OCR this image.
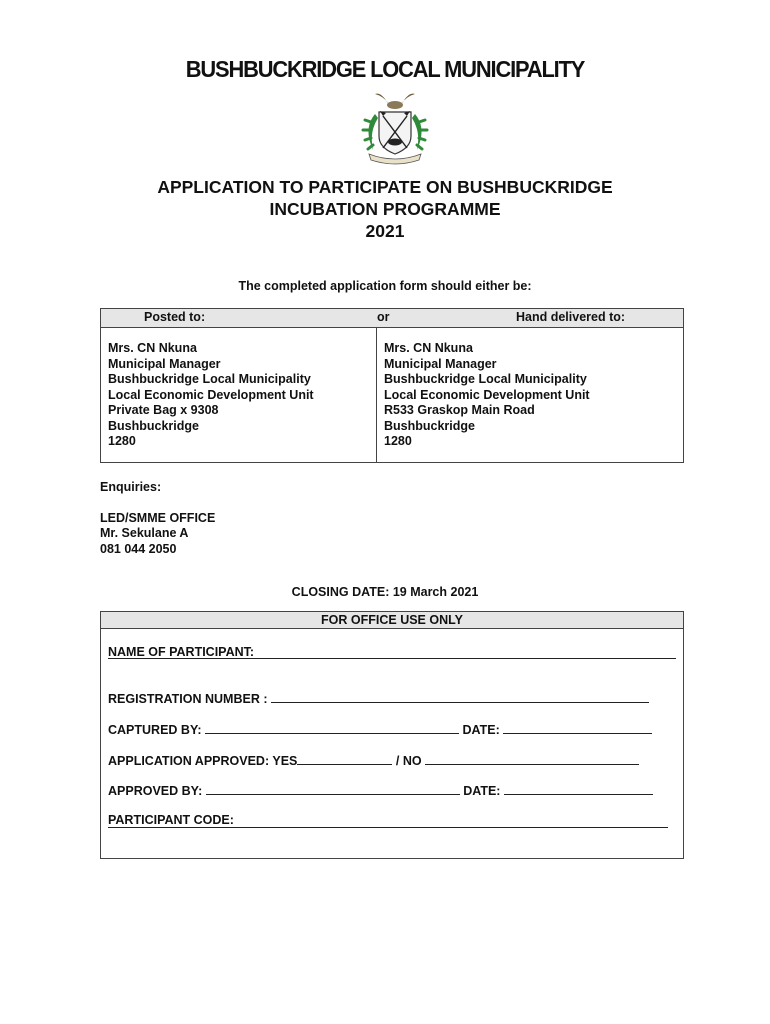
BUSHBUCKRIDGE LOCAL MUNICIPALITY
APPLICATION TO PARTICIPATE ON BUSHBUCKRIDGE
INCUBATION PROGRAMME
2021
The completed application form should either be:
Posted to:	or	Hand delivered to:
Mrs. CN Nkuna
Municipal Manager
Bushbuckridge Local Municipality
Local Economic Development Unit
Private Bag x 9308
Bushbuckridge
1280
Mrs. CN Nkuna
Municipal Manager
Bushbuckridge Local Municipality
Local Economic Development Unit
R533 Graskop Main Road
Bushbuckridge
1280
Enquiries:
LED/SMME OFFICE
Mr. Sekulane A
081 044 2050
CLOSING DATE: 19 March 2021
FOR OFFICE USE ONLY
NAME OF PARTICIPANT:
REGISTRATION NUMBER :
CAPTURED BY:	DATE:
APPLICATION APPROVED: YES	/ NO
APPROVED BY:	DATE:
PARTICIPANT CODE:
